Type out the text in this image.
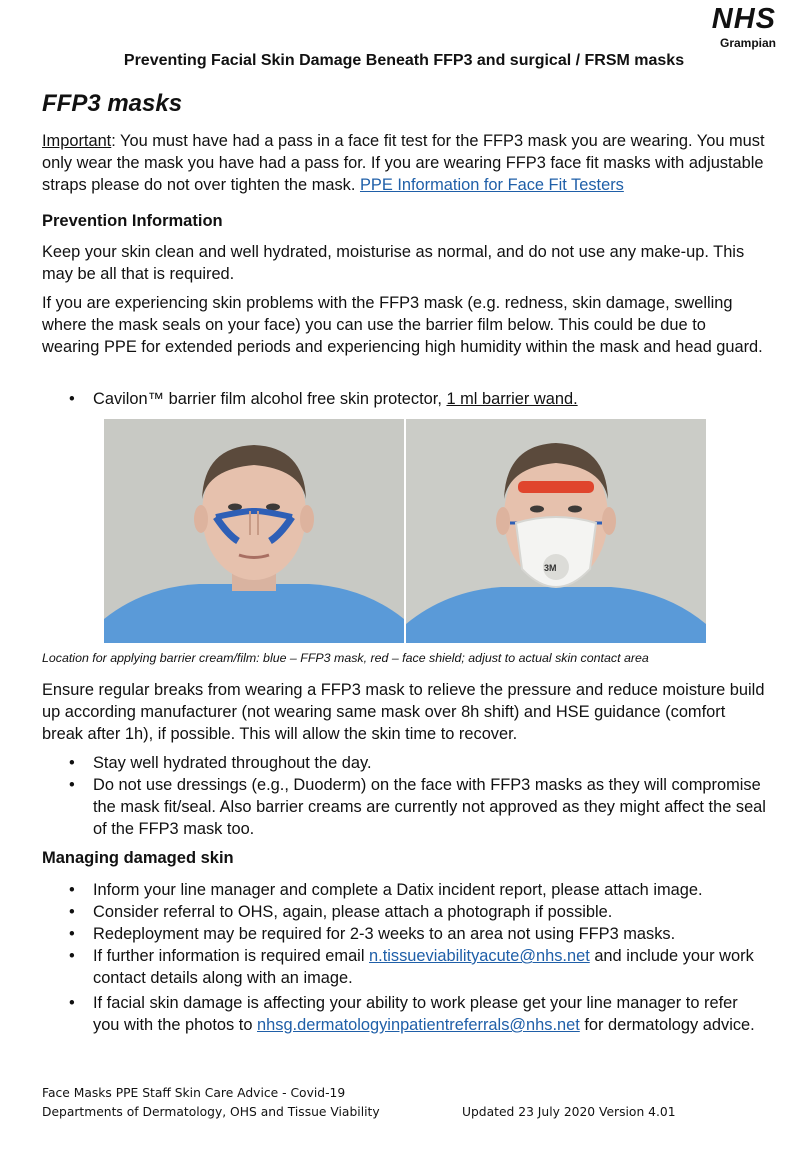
NHS
Grampian
Preventing Facial Skin Damage Beneath FFP3 and surgical / FRSM masks
FFP3 masks

Important: You must have had a pass in a face fit test for the FFP3 mask you are wearing. You must only wear the mask you have had a pass for. If you are wearing FFP3 face fit masks with adjustable straps please do not over tighten the mask. PPE Information for Face Fit Testers

Prevention Information

Keep your skin clean and well hydrated, moisturise as normal, and do not use any make-up. This may be all that is required.

If you are experiencing skin problems with the FFP3 mask (e.g. redness, skin damage, swelling where the mask seals on your face) you can use the barrier film below. This could be due to wearing PPE for extended periods and experiencing high humidity within the mask and head guard.

• Cavilon™ barrier film alcohol free skin protector, 1 ml barrier wand.
3M
Location for applying barrier cream/film: blue – FFP3 mask, red – face shield; adjust to actual skin contact area

Ensure regular breaks from wearing a FFP3 mask to relieve the pressure and reduce moisture build up according manufacturer (not wearing same mask over 8h shift) and HSE guidance (comfort break after 1h), if possible. This will allow the skin time to recover.

• Stay well hydrated throughout the day.
• Do not use dressings (e.g., Duoderm) on the face with FFP3 masks as they will compromise the mask fit/seal. Also barrier creams are currently not approved as they might affect the seal of the FFP3 mask too.
Managing damaged skin
• Inform your line manager and complete a Datix incident report, please attach image.
• Consider referral to OHS, again, please attach a photograph if possible.
• Redeployment may be required for 2-3 weeks to an area not using FFP3 masks.
• If further information is required email n.tissueviabilityacute@nhs.net and include your work contact details along with an image.
• If facial skin damage is affecting your ability to work please get your line manager to refer you with the photos to nhsg.dermatologyinpatientreferrals@nhs.net for dermatology advice.
Face Masks PPE Staff Skin Care Advice - Covid-19
Departments of Dermatology, OHS and Tissue Viability	Updated 23 July 2020 Version 4.01
